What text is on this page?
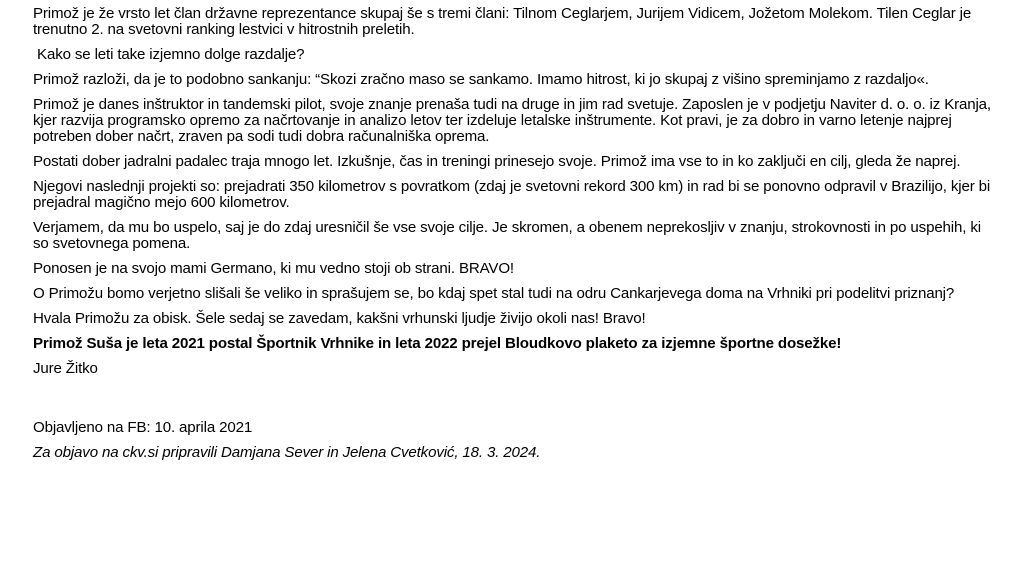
Primož je že vrsto let član državne reprezentance skupaj še s tremi člani: Tilnom Ceglarjem, Jurijem Vidicem, Jožetom Molekom. Tilen Ceglar je trenutno 2. na svetovni ranking lestvici v hitrostnih preletih.

Kako se leti take izjemno dolge razdalje?

Primož razloži, da je to podobno sankanju: “Skozi zračno maso se sankamo. Imamo hitrost, ki jo skupaj z višino spreminjamo z razdaljo«.

Primož je danes inštruktor in tandemski pilot, svoje znanje prenaša tudi na druge in jim rad svetuje. Zaposlen je v podjetju Naviter d. o. o. iz Kranja, kjer razvija programsko opremo za načrtovanje in analizo letov ter izdeluje letalske inštrumente. Kot pravi, je za dobro in varno letenje najprej potreben dober načrt, zraven pa sodi tudi dobra računalniška oprema.

Postati dober jadralni padalec traja mnogo let. Izkušnje, čas in treningi prinesejo svoje. Primož ima vse to in ko zaključi en cilj, gleda že naprej.

Njegovi naslednji projekti so: prejadrati 350 kilometrov s povratkom (zdaj je svetovni rekord 300 km) in rad bi se ponovno odpravil v Brazilijo, kjer bi prejadral magično mejo 600 kilometrov.

Verjamem, da mu bo uspelo, saj je do zdaj uresničil še vse svoje cilje. Je skromen, a obenem neprekosljiv v znanju, strokovnosti in po uspehih, ki so svetovnega pomena.

Ponosen je na svojo mami Germano, ki mu vedno stoji ob strani. BRAVO!

O Primožu bomo verjetno slišali še veliko in sprašujem se, bo kdaj spet stal tudi na odru Cankarjevega doma na Vrhniki pri podelitvi priznanj?

Hvala Primožu za obisk. Šele sedaj se zavedam, kakšni vrhunski ljudje živijo okoli nas! Bravo!

Primož Suša je leta 2021 postal Športnik Vrhnike in leta 2022 prejel Bloudkovo plaketo za izjemne športne dosežke!

Jure Žitko

Objavljeno na FB: 10. aprila 2021

Za objavo na ckv.si pripravili Damjana Sever in Jelena Cvetković, 18. 3. 2024.
